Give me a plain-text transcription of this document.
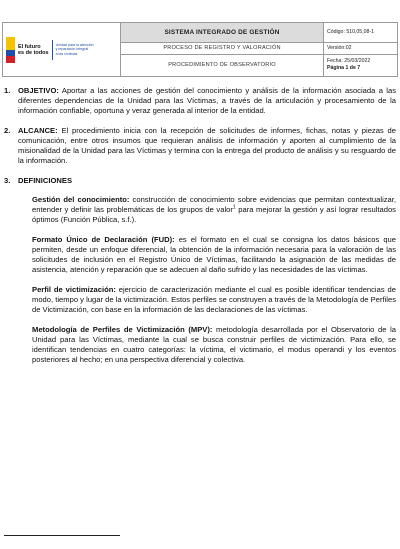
El futuro
es de todos
Unidad para la atención
y reparación integral
a las víctimas	SISTEMA INTEGRADO DE GESTIÓN	Código: 510,05,08-1
	PROCESO DE REGISTRO Y VALORACIÓN	Versión:02
	PROCEDIMIENTO DE OBSERVATORIO	Fecha: 25/03/2022
Página 1 de 7
1.	OBJETIVO: Aportar a las acciones de gestión del conocimiento y análisis de la información asociada a las diferentes dependencias de la Unidad para las Víctimas, a través de la articulación y procesamiento de la información confiable, oportuna y veraz generada al interior de la entidad.
2.	ALCANCE: El procedimiento inicia con la recepción de solicitudes de informes, fichas, notas y piezas de comunicación, entre otros insumos que requieran análisis de información y aporten al cumplimiento de la misionalidad de la Unidad para las Víctimas y termina con la entrega del producto de análisis y su resguardo de la información.
3.	DEFINICIONES

Gestión del conocimiento: construcción de conocimiento sobre evidencias que permitan contextualizar, entender y definir las problemáticas de los grupos de valor$^1$ para mejorar la gestión y así lograr resultados óptimos (Función Pública, s.f.).

Formato Único de Declaración (FUD): es el formato en el cual se consigna los datos básicos que permiten, desde un enfoque diferencial, la obtención de la información necesaria para la valoración de las solicitudes de inclusión en el Registro Único de Víctimas, facilitando la asignación de las medidas de asistencia, atención y reparación que se adecuen al daño sufrido y las necesidades de las víctimas.

Perfil de victimización: ejercicio de caracterización mediante el cual es posible identificar tendencias de modo, tiempo y lugar de la victimización. Estos perfiles se construyen a través de la Metodología de Perfiles de Victimización, con base en la información de las declaraciones de las víctimas.

Metodología de Perfiles de Victimización (MPV): metodología desarrollada por el Observatorio de la Unidad para las Víctimas, mediante la cual se busca construir perfiles de victimización. Para ello, se identifican tendencias en cuatro categorías: la víctima, el victimario, el modus operandi y los eventos posteriores al hecho; en una perspectiva diferencial y colectiva.
